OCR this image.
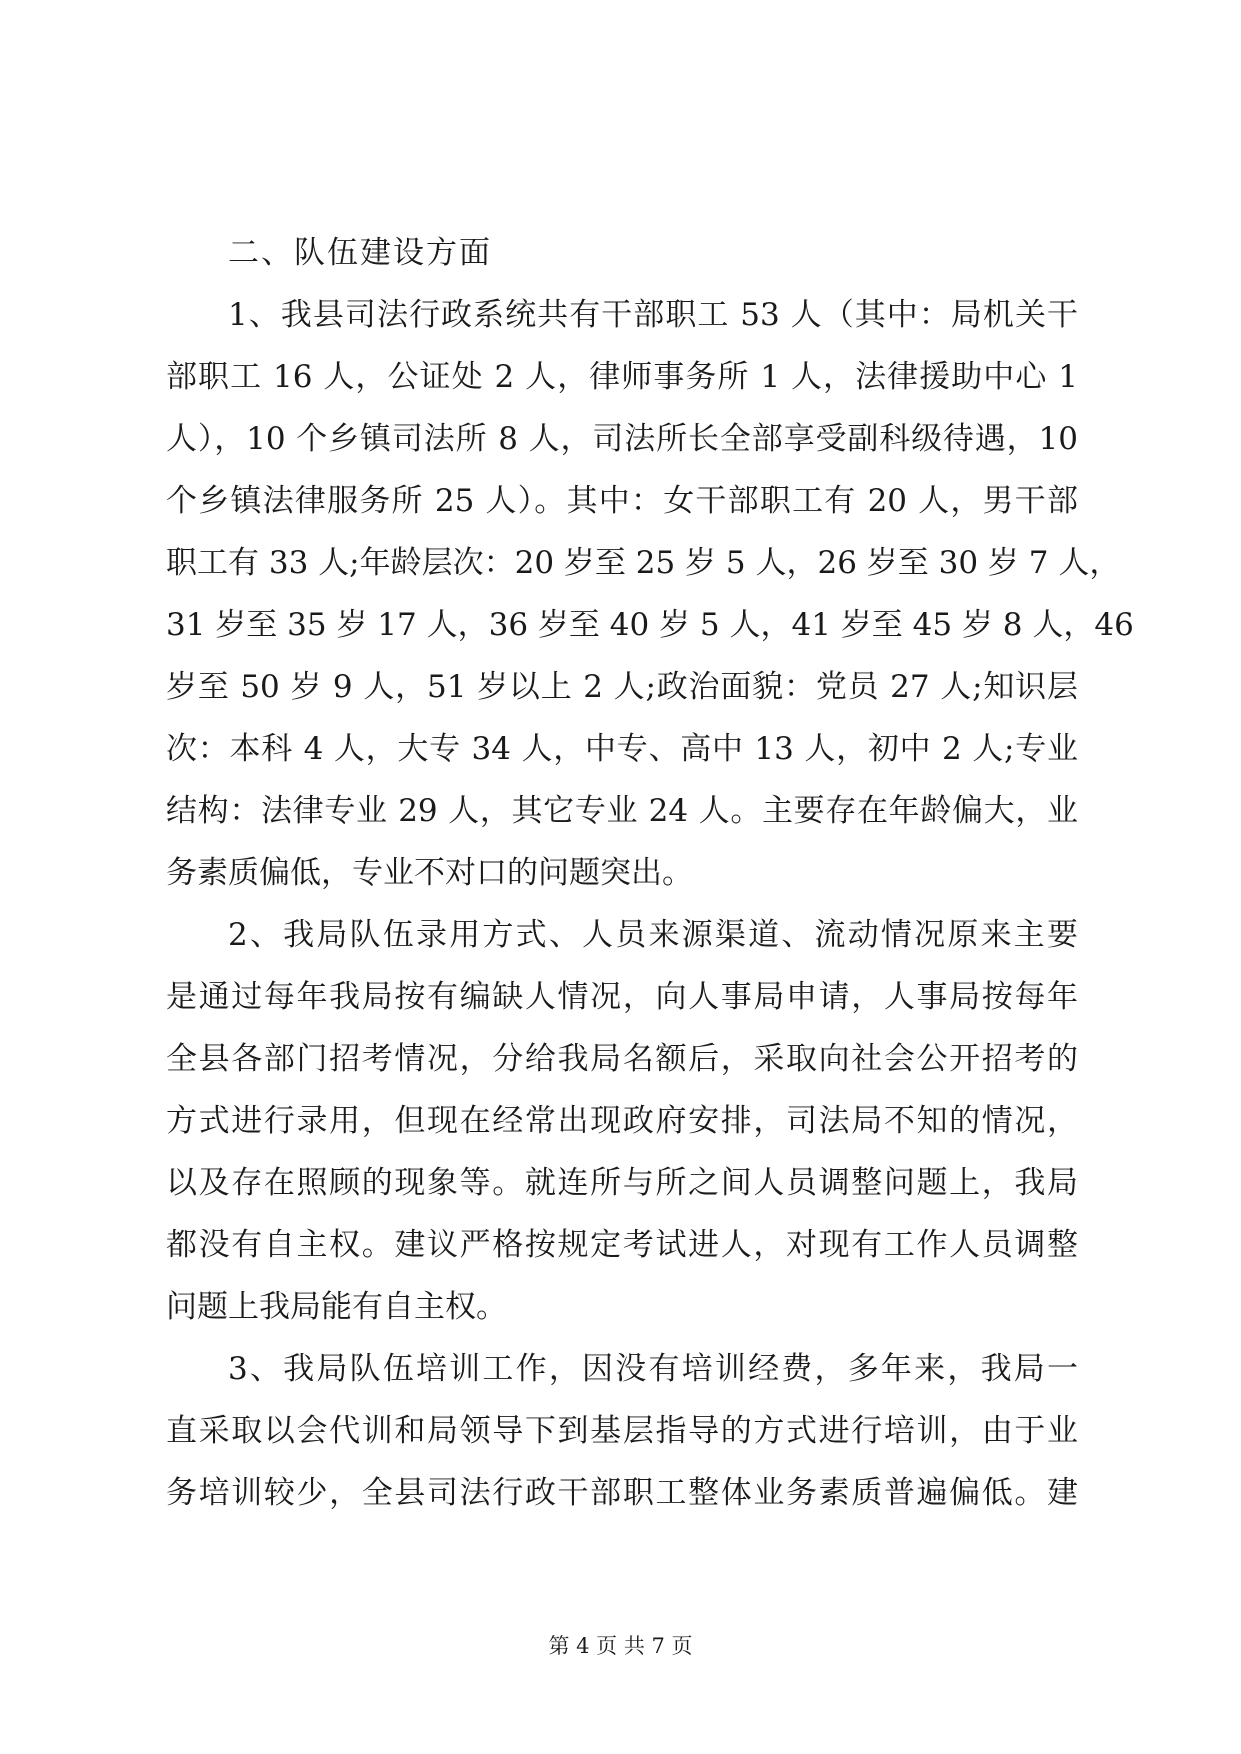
二、队伍建设方面
1、我县司法行政系统共有干部职工 53 人（其中：局机关干
部职工 16 人，公证处 2 人，律师事务所 1 人，法律援助中心 1
人），10 个乡镇司法所 8 人，司法所长全部享受副科级待遇，10
个乡镇法律服务所 25 人）。其中：女干部职工有 20 人，男干部
职工有 33 人;年龄层次：20 岁至 25 岁 5 人，26 岁至 30 岁 7 人，
31 岁至 35 岁 17 人，36 岁至 40 岁 5 人，41 岁至 45 岁 8 人，46
岁至 50 岁 9 人，51 岁以上 2 人;政治面貌：党员 27 人;知识层
次：本科 4 人，大专 34 人，中专、高中 13 人，初中 2 人;专业
结构：法律专业 29 人，其它专业 24 人。主要存在年龄偏大，业
务素质偏低，专业不对口的问题突出。
2、我局队伍录用方式、人员来源渠道、流动情况原来主要
是通过每年我局按有编缺人情况，向人事局申请，人事局按每年
全县各部门招考情况，分给我局名额后，采取向社会公开招考的
方式进行录用，但现在经常出现政府安排，司法局不知的情况，
以及存在照顾的现象等。就连所与所之间人员调整问题上，我局
都没有自主权。建议严格按规定考试进人，对现有工作人员调整
问题上我局能有自主权。
3、我局队伍培训工作，因没有培训经费，多年来，我局一
直采取以会代训和局领导下到基层指导的方式进行培训，由于业
务培训较少，全县司法行政干部职工整体业务素质普遍偏低。建
第 4 页 共 7 页
